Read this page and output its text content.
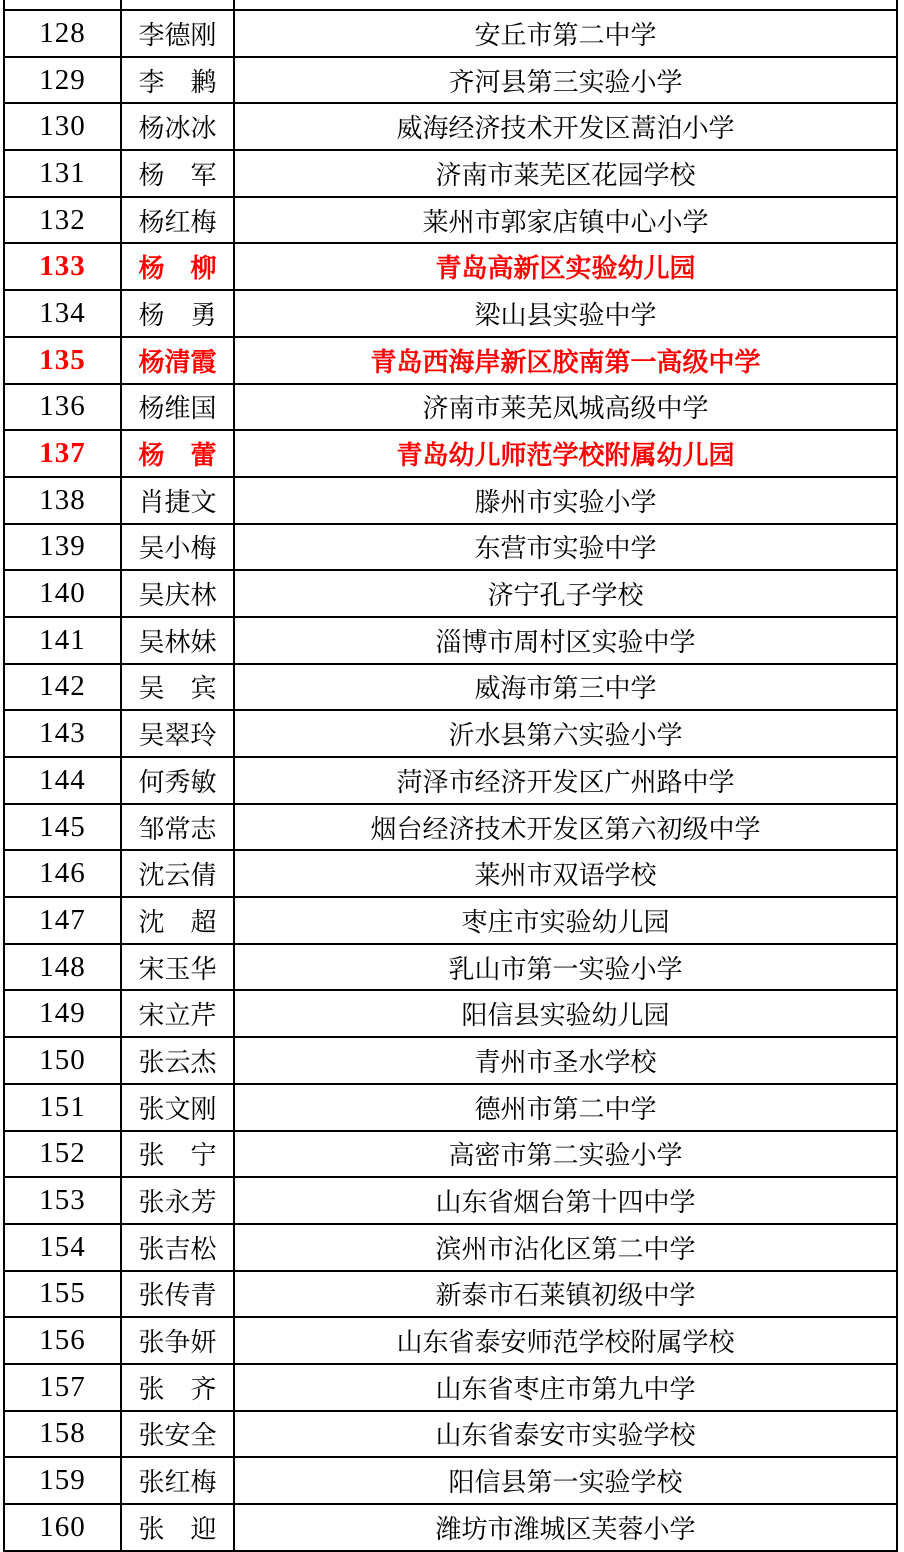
128	李德刚	安丘市第二中学
129	李　鹣	齐河县第三实验小学
130	杨冰冰	威海经济技术开发区蒿泊小学
131	杨　军	济南市莱芜区花园学校
132	杨红梅	莱州市郭家店镇中心小学
133	杨　柳	青岛高新区实验幼儿园
134	杨　勇	梁山县实验中学
135	杨清霞	青岛西海岸新区胶南第一高级中学
136	杨维国	济南市莱芜凤城高级中学
137	杨　蕾	青岛幼儿师范学校附属幼儿园
138	肖捷文	滕州市实验小学
139	吴小梅	东营市实验中学
140	吴庆林	济宁孔子学校
141	吴林妹	淄博市周村区实验中学
142	吴　宾	威海市第三中学
143	吴翠玲	沂水县第六实验小学
144	何秀敏	菏泽市经济开发区广州路中学
145	邹常志	烟台经济技术开发区第六初级中学
146	沈云倩	莱州市双语学校
147	沈　超	枣庄市实验幼儿园
148	宋玉华	乳山市第一实验小学
149	宋立芹	阳信县实验幼儿园
150	张云杰	青州市圣水学校
151	张文刚	德州市第二中学
152	张　宁	高密市第二实验小学
153	张永芳	山东省烟台第十四中学
154	张吉松	滨州市沾化区第二中学
155	张传青	新泰市石莱镇初级中学
156	张争妍	山东省泰安师范学校附属学校
157	张　齐	山东省枣庄市第九中学
158	张安全	山东省泰安市实验学校
159	张红梅	阳信县第一实验学校
160	张　迎	潍坊市潍城区芙蓉小学
